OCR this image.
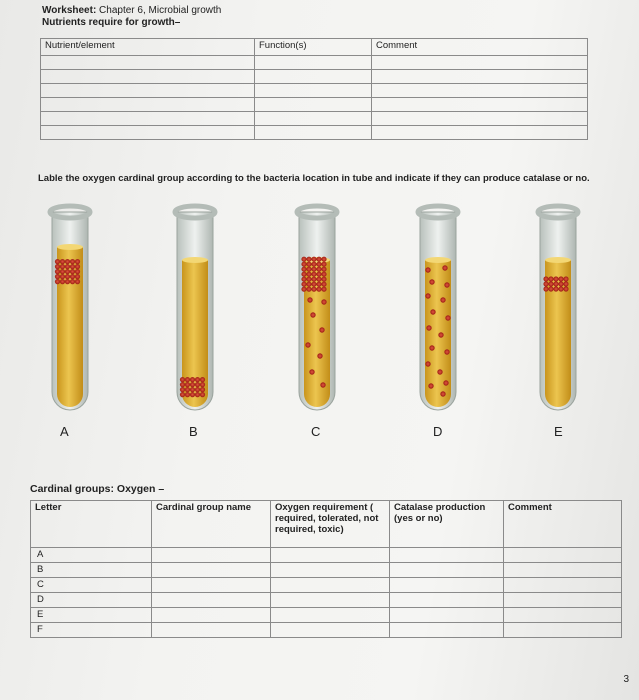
Worksheet: Chapter 6, Microbial growth
Nutrients require for growth–
Nutrient/element	Function(s)	Comment

Lable the oxygen cardinal group according to the bacteria location in tube and indicate if they can produce catalase or no.
A	B	C	D	E
Cardinal groups: Oxygen –
Letter	Cardinal group name	Oxygen requirement ( required, tolerated, not required, toxic)	Catalase production (yes or no)	Comment
A				
B				
C				
D				
E				
F				
3
